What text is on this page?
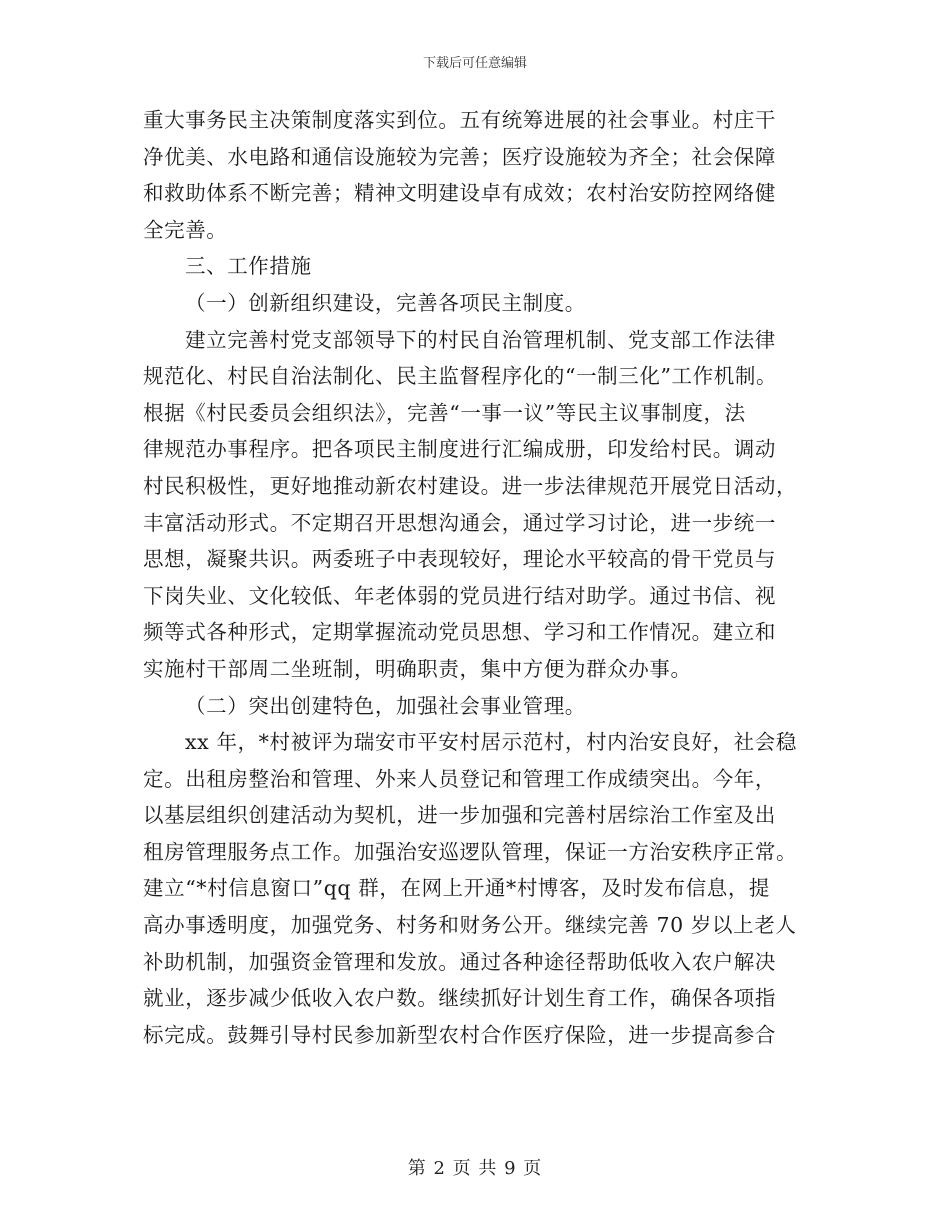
下载后可任意编辑
重大事务民主决策制度落实到位。五有统筹进展的社会事业。村庄干
净优美、水电路和通信设施较为完善；医疗设施较为齐全；社会保障
和救助体系不断完善；精神文明建设卓有成效；农村治安防控网络健
全完善。
三、工作措施
（一）创新组织建设，完善各项民主制度。
建立完善村党支部领导下的村民自治管理机制、党支部工作法律
规范化、村民自治法制化、民主监督程序化的“一制三化”工作机制。
根据《村民委员会组织法》，完善“一事一议”等民主议事制度，法
律规范办事程序。把各项民主制度进行汇编成册，印发给村民。调动
村民积极性，更好地推动新农村建设。进一步法律规范开展党日活动，
丰富活动形式。不定期召开思想沟通会，通过学习讨论，进一步统一
思想，凝聚共识。两委班子中表现较好，理论水平较高的骨干党员与
下岗失业、文化较低、年老体弱的党员进行结对助学。通过书信、视
频等式各种形式，定期掌握流动党员思想、学习和工作情况。建立和
实施村干部周二坐班制，明确职责，集中方便为群众办事。
（二）突出创建特色，加强社会事业管理。
xx 年，*村被评为瑞安市平安村居示范村，村内治安良好，社会稳
定。出租房整治和管理、外来人员登记和管理工作成绩突出。今年，
以基层组织创建活动为契机，进一步加强和完善村居综治工作室及出
租房管理服务点工作。加强治安巡逻队管理，保证一方治安秩序正常。
建立“*村信息窗口”qq 群，在网上开通*村博客，及时发布信息，提
高办事透明度，加强党务、村务和财务公开。继续完善 70 岁以上老人
补助机制，加强资金管理和发放。通过各种途径帮助低收入农户解决
就业，逐步减少低收入农户数。继续抓好计划生育工作，确保各项指
标完成。鼓舞引导村民参加新型农村合作医疗保险，进一步提高参合
第 2 页 共 9 页
